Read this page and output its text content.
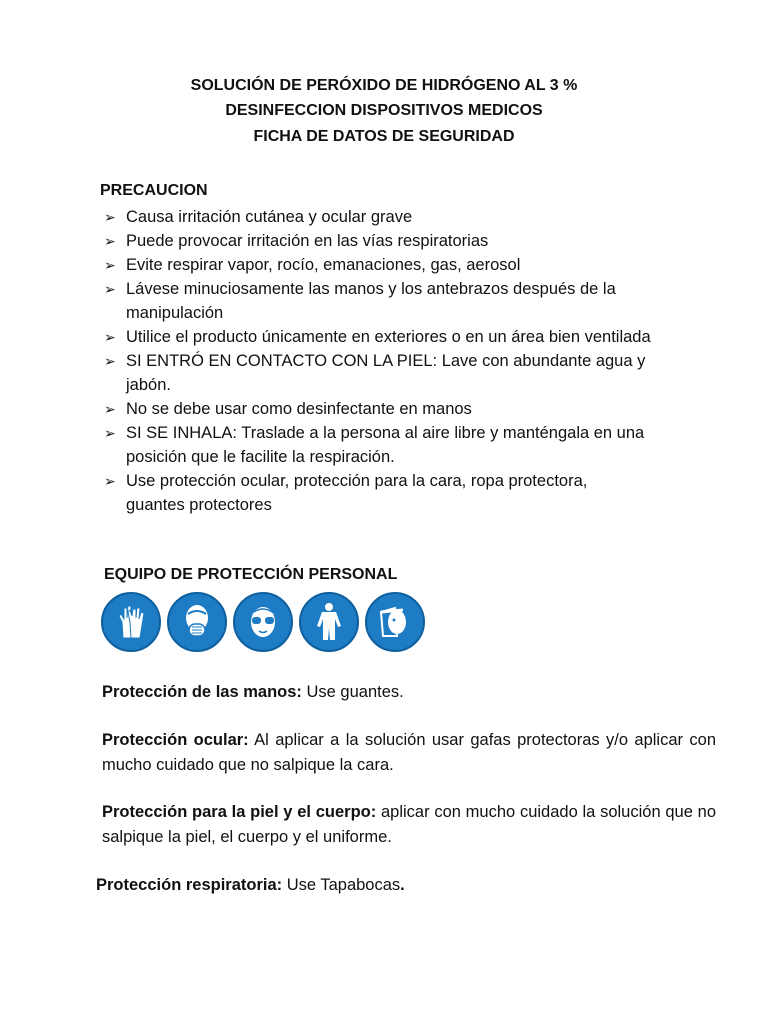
SOLUCIÓN DE PERÓXIDO DE HIDRÓGENO AL 3 %
DESINFECCION DISPOSITIVOS MEDICOS
FICHA DE DATOS DE SEGURIDAD
PRECAUCION
➢ Causa irritación cutánea y ocular grave
➢ Puede provocar irritación en las vías respiratorias
➢ Evite respirar vapor, rocío, emanaciones, gas, aerosol
➢ Lávese minuciosamente las manos y los antebrazos después de la manipulación
➢ Utilice el producto únicamente en exteriores o en un área bien ventilada
➢ SI ENTRÓ EN CONTACTO CON LA PIEL: Lave con abundante agua y jabón.
➢ No se debe usar como desinfectante en manos
➢ SI SE INHALA: Traslade a la persona al aire libre y manténgala en una posición que le facilite la respiración.
➢ Use protección ocular, protección para la cara, ropa protectora, guantes protectores
EQUIPO DE PROTECCIÓN PERSONAL
Protección de las manos: Use guantes.
Protección ocular: Al aplicar a la solución usar gafas protectoras y/o aplicar con mucho cuidado que no salpique la cara.
Protección para la piel y el cuerpo: aplicar con mucho cuidado la solución que no salpique la piel, el cuerpo y el uniforme.
Protección respiratoria: Use Tapabocas.
